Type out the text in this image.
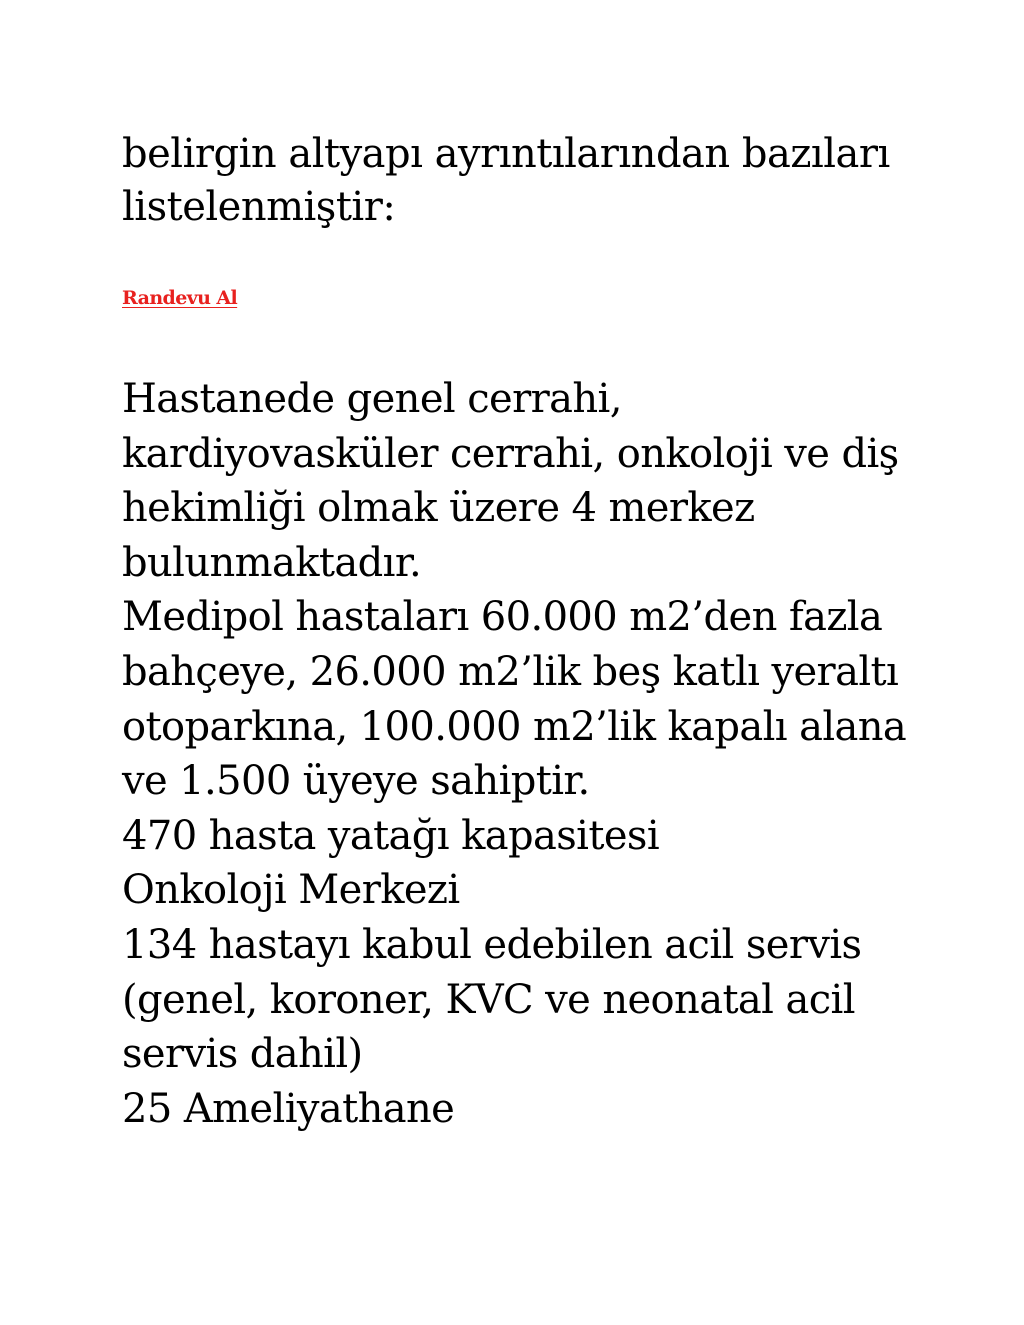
belirgin altyapı ayrıntılarından bazıları
listelenmiştir:

Randevu Al

Hastanede genel cerrahi,
kardiyovasküler cerrahi, onkoloji ve diş
hekimliği olmak üzere 4 merkez
bulunmaktadır.
Medipol hastaları 60.000 m2’den fazla
bahçeye, 26.000 m2’lik beş katlı yeraltı
otoparkına, 100.000 m2’lik kapalı alana
ve 1.500 üyeye sahiptir.
470 hasta yatağı kapasitesi
Onkoloji Merkezi
134 hastayı kabul edebilen acil servis
(genel, koroner, KVC ve neonatal acil
servis dahil)
25 Ameliyathane
